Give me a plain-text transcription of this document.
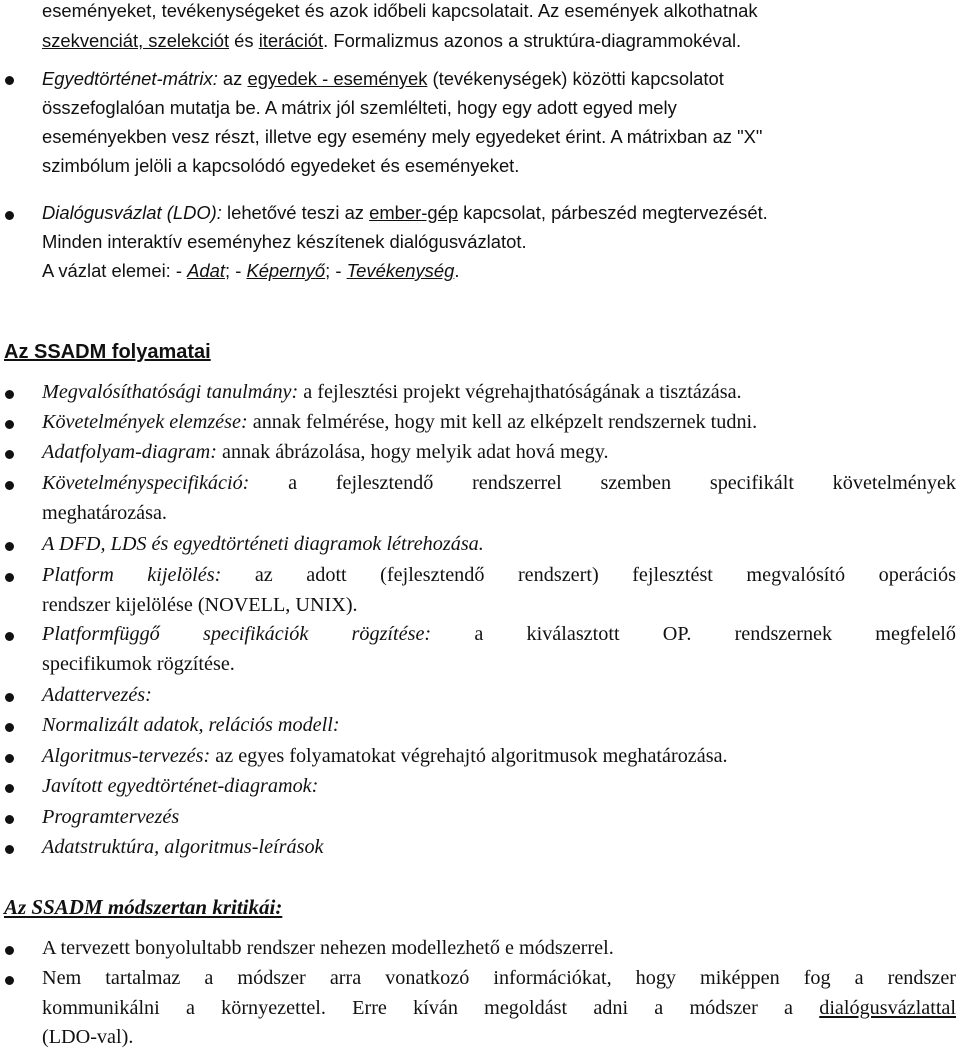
eseményeket, tevékenységeket és azok időbeli kapcsolatait. Az események alkothatnak
szekvenciát, szelekciót és iterációt. Formalizmus azonos a struktúra-diagrammokéval.
Egyedtörténet-mátrix: az egyedek - események (tevékenységek) közötti kapcsolatot
összefoglalóan mutatja be. A mátrix jól szemlélteti, hogy egy adott egyed mely
eseményekben vesz részt, illetve egy esemény mely egyedeket érint. A mátrixban az "X"
szimbólum jelöli a kapcsolódó egyedeket és eseményeket.
Dialógusvázlat (LDO): lehetővé teszi az ember-gép kapcsolat, párbeszéd megtervezését.
Minden interaktív eseményhez készítenek dialógusvázlatot.
A vázlat elemei: - Adat; - Képernyő; - Tevékenység.
Az SSADM folyamatai
Megvalósíthatósági tanulmány: a fejlesztési projekt végrehajthatóságának a tisztázása.
Követelmények elemzése: annak felmérése, hogy mit kell az elképzelt rendszernek tudni.
Adatfolyam-diagram: annak ábrázolása, hogy melyik adat hová megy.
Követelményspecifikáció: a fejlesztendő rendszerrel szemben specifikált követelmények
meghatározása.
A DFD, LDS és egyedtörténeti diagramok létrehozása.
Platform kijelölés: az adott (fejlesztendő rendszert) fejlesztést megvalósító operációs
rendszer kijelölése (NOVELL, UNIX).
Platformfüggő specifikációk rögzítése: a kiválasztott OP. rendszernek megfelelő
specifikumok rögzítése.
Adattervezés:
Normalizált adatok, relációs modell:
Algoritmus-tervezés: az egyes folyamatokat végrehajtó algoritmusok meghatározása.
Javított egyedtörténet-diagramok:
Programtervezés
Adatstruktúra, algoritmus-leírások
Az SSADM módszertan kritikái:
A tervezett bonyolultabb rendszer nehezen modellezhető e módszerrel.
Nem tartalmaz a módszer arra vonatkozó információkat, hogy miképpen fog a rendszer
kommunikálni a környezettel. Erre kíván megoldást adni a módszer a dialógusvázlattal
(LDO-val).
